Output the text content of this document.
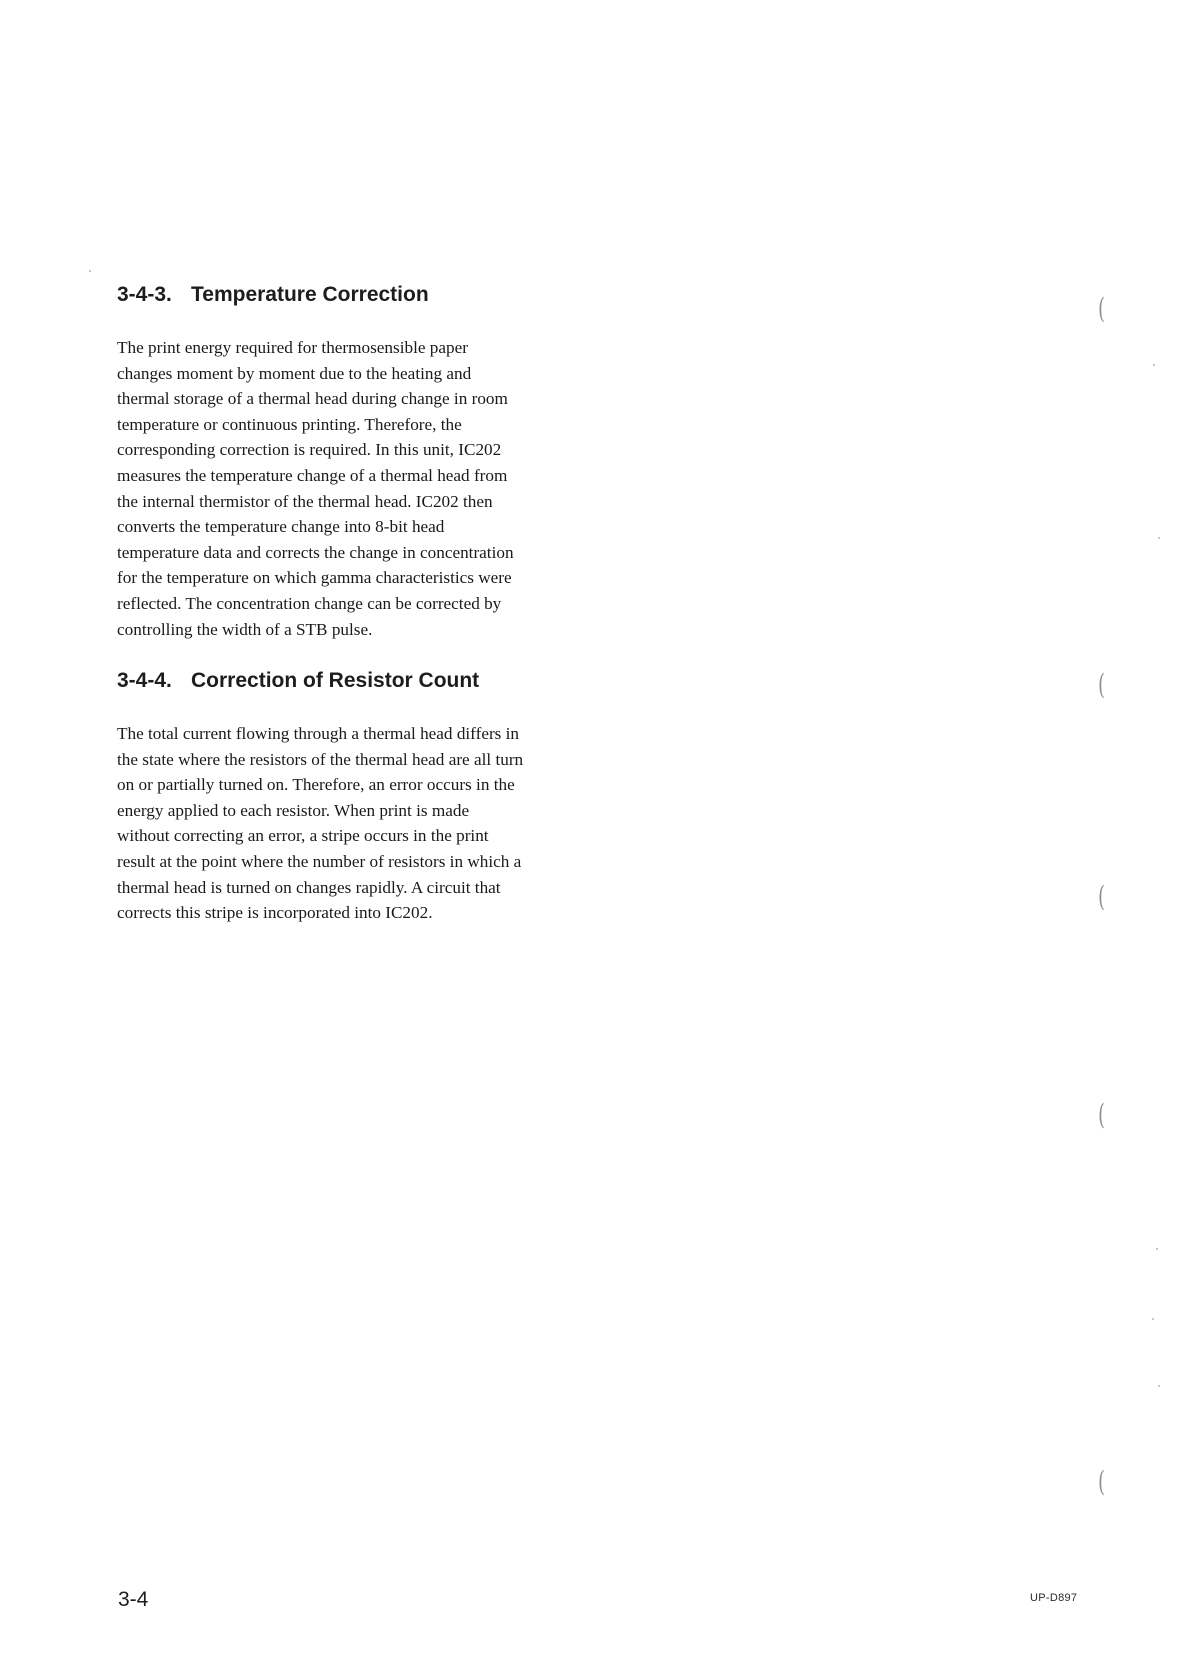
3-4-3. Temperature Correction

The print energy required for thermosensible paper
changes moment by moment due to the heating and
thermal storage of a thermal head during change in room
temperature or continuous printing. Therefore, the
corresponding correction is required. In this unit, IC202
measures the temperature change of a thermal head from
the internal thermistor of the thermal head. IC202 then
converts the temperature change into 8-bit head
temperature data and corrects the change in concentration
for the temperature on which gamma characteristics were
reflected. The concentration change can be corrected by
controlling the width of a STB pulse.

3-4-4. Correction of Resistor Count

The total current flowing through a thermal head differs in
the state where the resistors of the thermal head are all turn
on or partially turned on. Therefore, an error occurs in the
energy applied to each resistor. When print is made
without correcting an error, a stripe occurs in the print
result at the point where the number of resistors in which a
thermal head is turned on changes rapidly. A circuit that
corrects this stripe is incorporated into IC202.

(
(
(
(
(
3-4	UP-D897
